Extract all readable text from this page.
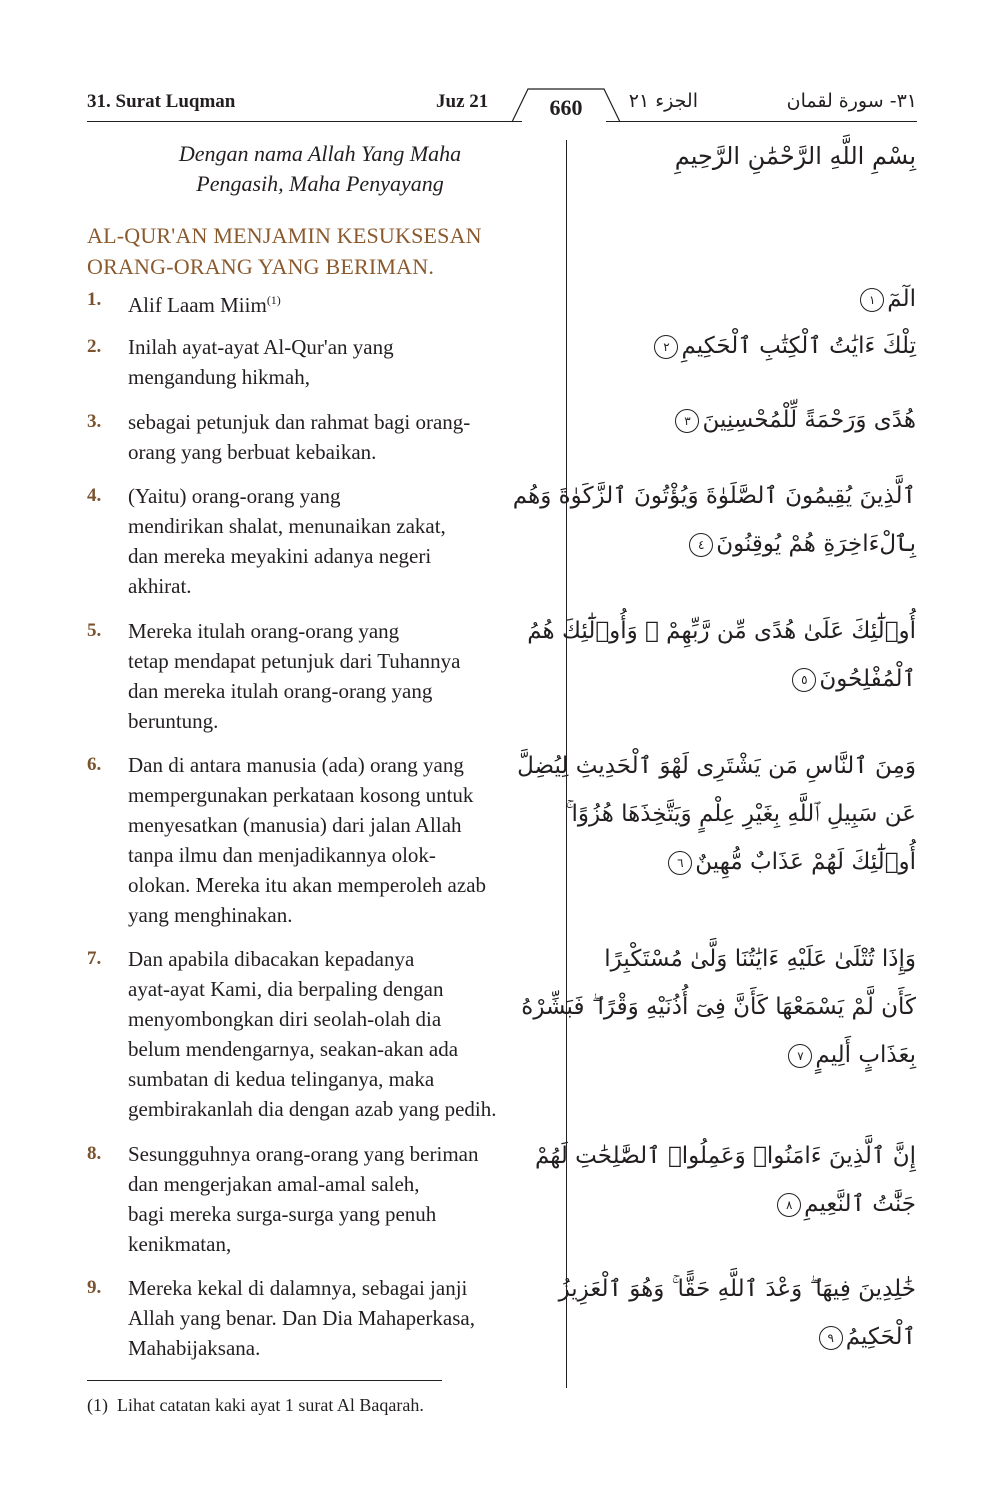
31. Surat Luqman	Juz 21	660	الجزء ٢١	٣١- سورة لقمان
Dengan nama Allah Yang Maha
Pengasih, Maha Penyayang
بِسْمِ اللَّهِ الرَّحْمَٰنِ الرَّحِيمِ
AL-QUR'AN MENJAMIN KESUKSESAN
ORANG-ORANG YANG BERIMAN.
1. Alif Laam Miim$^{(1)}$
2. Inilah ayat-ayat Al-Qur'an yang
mengandung hikmah,
3. sebagai petunjuk dan rahmat bagi orang-
orang yang berbuat kebaikan.
4. (Yaitu) orang-orang yang
mendirikan shalat, menunaikan zakat,
dan mereka meyakini adanya negeri
akhirat.
5. Mereka itulah orang-orang yang
tetap mendapat petunjuk dari Tuhannya
dan mereka itulah orang-orang yang
beruntung.
6. Dan di antara manusia (ada) orang yang
mempergunakan perkataan kosong untuk
menyesatkan (manusia) dari jalan Allah
tanpa ilmu dan menjadikannya olok-
olokan. Mereka itu akan memperoleh azab
yang menghinakan.
7. Dan apabila dibacakan kepadanya
ayat-ayat Kami, dia berpaling dengan
menyombongkan diri seolah-olah dia
belum mendengarnya, seakan-akan ada
sumbatan di kedua telinganya, maka
gembirakanlah dia dengan azab yang pedih.
8. Sesungguhnya orang-orang yang beriman
dan mengerjakan amal-amal saleh,
bagi mereka surga-surga yang penuh
kenikmatan,
9. Mereka kekal di dalamnya, sebagai janji
Allah yang benar. Dan Dia Mahaperkasa,
Mahabijaksana.
الٓمٓ١
تِلْكَ ءَايَٰتُ ٱلْكِتَٰبِ ٱلْحَكِيمِ٢
هُدًى وَرَحْمَةً لِّلْمُحْسِنِينَ٣
ٱلَّذِينَ يُقِيمُونَ ٱلصَّلَوٰةَ وَيُؤْتُونَ ٱلزَّكَوٰةَ وَهُم
بِٱلْءَاخِرَةِ هُمْ يُوقِنُونَ٤
أُو۟لَٰٓئِكَ عَلَىٰ هُدًى مِّن رَّبِّهِمْ ۖ وَأُو۟لَٰٓئِكَ هُمُ
ٱلْمُفْلِحُونَ٥
وَمِنَ ٱلنَّاسِ مَن يَشْتَرِى لَهْوَ ٱلْحَدِيثِ لِيُضِلَّ
عَن سَبِيلِ ٱللَّهِ بِغَيْرِ عِلْمٍ وَيَتَّخِذَهَا هُزُوًا ۚ
أُو۟لَٰٓئِكَ لَهُمْ عَذَابٌ مُّهِينٌ٦
وَإِذَا تُتْلَىٰ عَلَيْهِ ءَايَٰتُنَا وَلَّىٰ مُسْتَكْبِرًا
كَأَن لَّمْ يَسْمَعْهَا كَأَنَّ فِىٓ أُذُنَيْهِ وَقْرًا ۖ فَبَشِّرْهُ
بِعَذَابٍ أَلِيمٍ٧
إِنَّ ٱلَّذِينَ ءَامَنُوا۟ وَعَمِلُوا۟ ٱلصَّٰلِحَٰتِ لَهُمْ
جَنَّٰتُ ٱلنَّعِيمِ٨
خَٰلِدِينَ فِيهَا ۖ وَعْدَ ٱللَّهِ حَقًّا ۚ وَهُوَ ٱلْعَزِيزُ
ٱلْحَكِيمُ٩
(1) Lihat catatan kaki ayat 1 surat Al Baqarah.
